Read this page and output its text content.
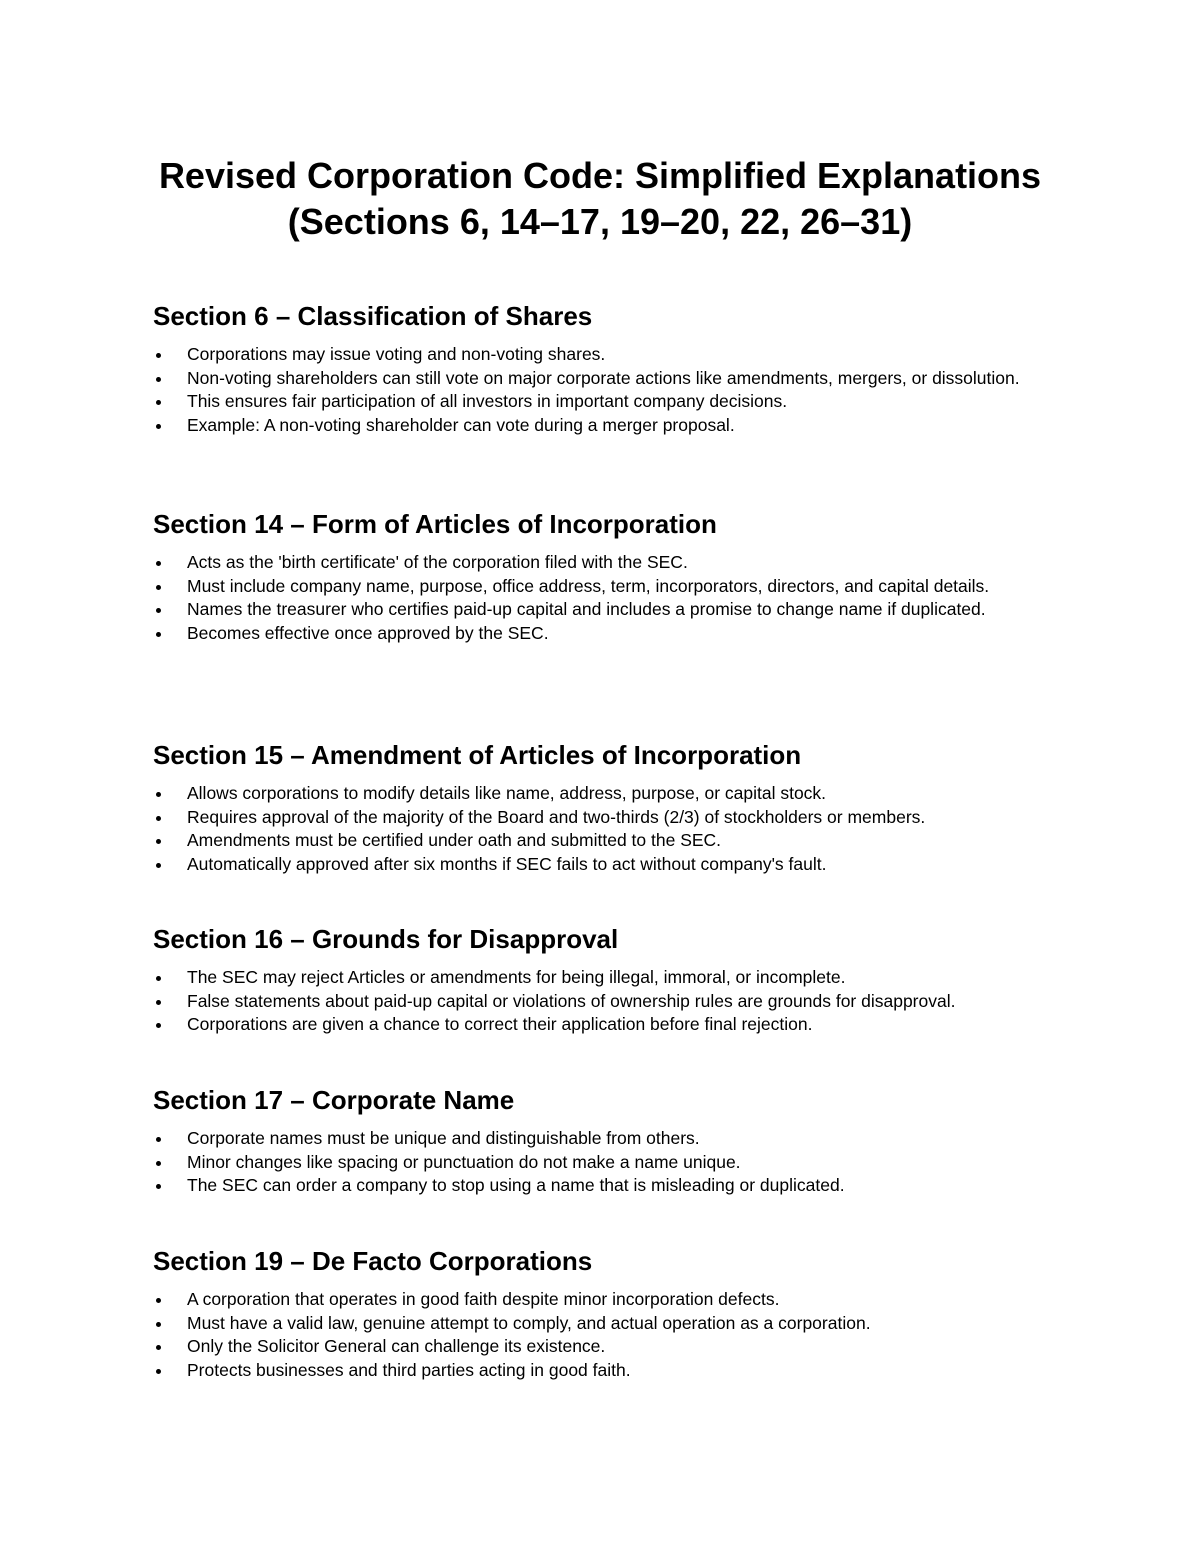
Revised Corporation Code: Simplified Explanations
(Sections 6, 14–17, 19–20, 22, 26–31)
Section 6 – Classification of Shares
Corporations may issue voting and non-voting shares.
Non-voting shareholders can still vote on major corporate actions like amendments, mergers, or dissolution.
This ensures fair participation of all investors in important company decisions.
Example: A non-voting shareholder can vote during a merger proposal.
Section 14 – Form of Articles of Incorporation
Acts as the 'birth certificate' of the corporation filed with the SEC.
Must include company name, purpose, office address, term, incorporators, directors, and capital details.
Names the treasurer who certifies paid-up capital and includes a promise to change name if duplicated.
Becomes effective once approved by the SEC.
Section 15 – Amendment of Articles of Incorporation
Allows corporations to modify details like name, address, purpose, or capital stock.
Requires approval of the majority of the Board and two-thirds (2/3) of stockholders or members.
Amendments must be certified under oath and submitted to the SEC.
Automatically approved after six months if SEC fails to act without company's fault.
Section 16 – Grounds for Disapproval
The SEC may reject Articles or amendments for being illegal, immoral, or incomplete.
False statements about paid-up capital or violations of ownership rules are grounds for disapproval.
Corporations are given a chance to correct their application before final rejection.
Section 17 – Corporate Name
Corporate names must be unique and distinguishable from others.
Minor changes like spacing or punctuation do not make a name unique.
The SEC can order a company to stop using a name that is misleading or duplicated.
Section 19 – De Facto Corporations
A corporation that operates in good faith despite minor incorporation defects.
Must have a valid law, genuine attempt to comply, and actual operation as a corporation.
Only the Solicitor General can challenge its existence.
Protects businesses and third parties acting in good faith.
